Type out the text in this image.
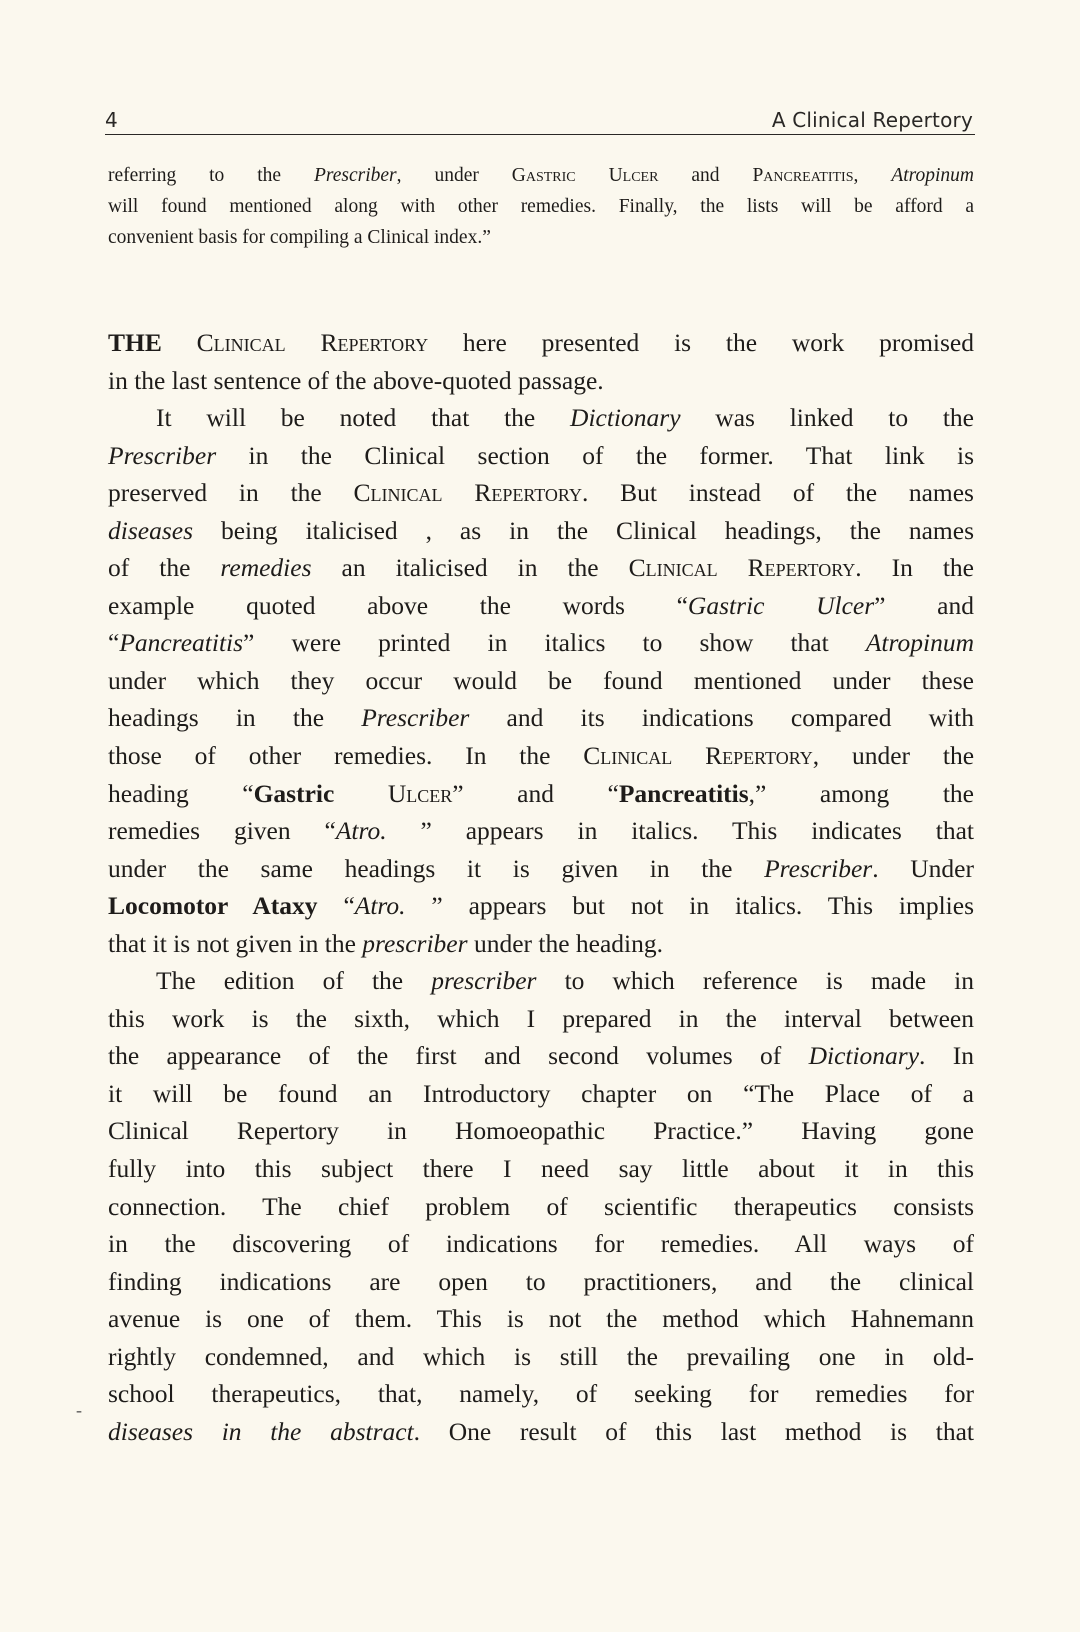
4	A Clinical Repertory
referring to the Prescriber, under Gastric Ulcer and Pancreatitis, Atropinum
will found mentioned along with other remedies. Finally, the lists will be afford a
convenient basis for compiling a Clinical index.”
THE Clinical Repertory here presented is the work promised
in the last sentence of the above-quoted passage.
It will be noted that the Dictionary was linked to the
Prescriber in the Clinical section of the former. That link is
preserved in the Clinical Repertory. But instead of the names
diseases being italicised , as in the Clinical headings, the names
of the remedies an italicised in the Clinical Repertory. In the
example quoted above the words “Gastric Ulcer” and
“Pancreatitis” were printed in italics to show that Atropinum
under which they occur would be found mentioned under these
headings in the Prescriber and its indications compared with
those of other remedies. In the Clinical Repertory, under the
heading “Gastric Ulcer” and “Pancreatitis,” among the
remedies given “Atro. ” appears in italics. This indicates that
under the same headings it is given in the Prescriber. Under
Locomotor Ataxy “Atro. ” appears but not in italics. This implies
that it is not given in the prescriber under the heading.
The edition of the prescriber to which reference is made in
this work is the sixth, which I prepared in the interval between
the appearance of the first and second volumes of Dictionary. In
it will be found an Introductory chapter on “The Place of a
Clinical Repertory in Homoeopathic Practice.” Having gone
fully into this subject there I need say little about it in this
connection. The chief problem of scientific therapeutics consists
in the discovering of indications for remedies. All ways of
finding indications are open to practitioners, and the clinical
avenue is one of them. This is not the method which Hahnemann
rightly condemned, and which is still the prevailing one in old-
school therapeutics, that, namely, of seeking for remedies for
diseases in the abstract. One result of this last method is that
-
